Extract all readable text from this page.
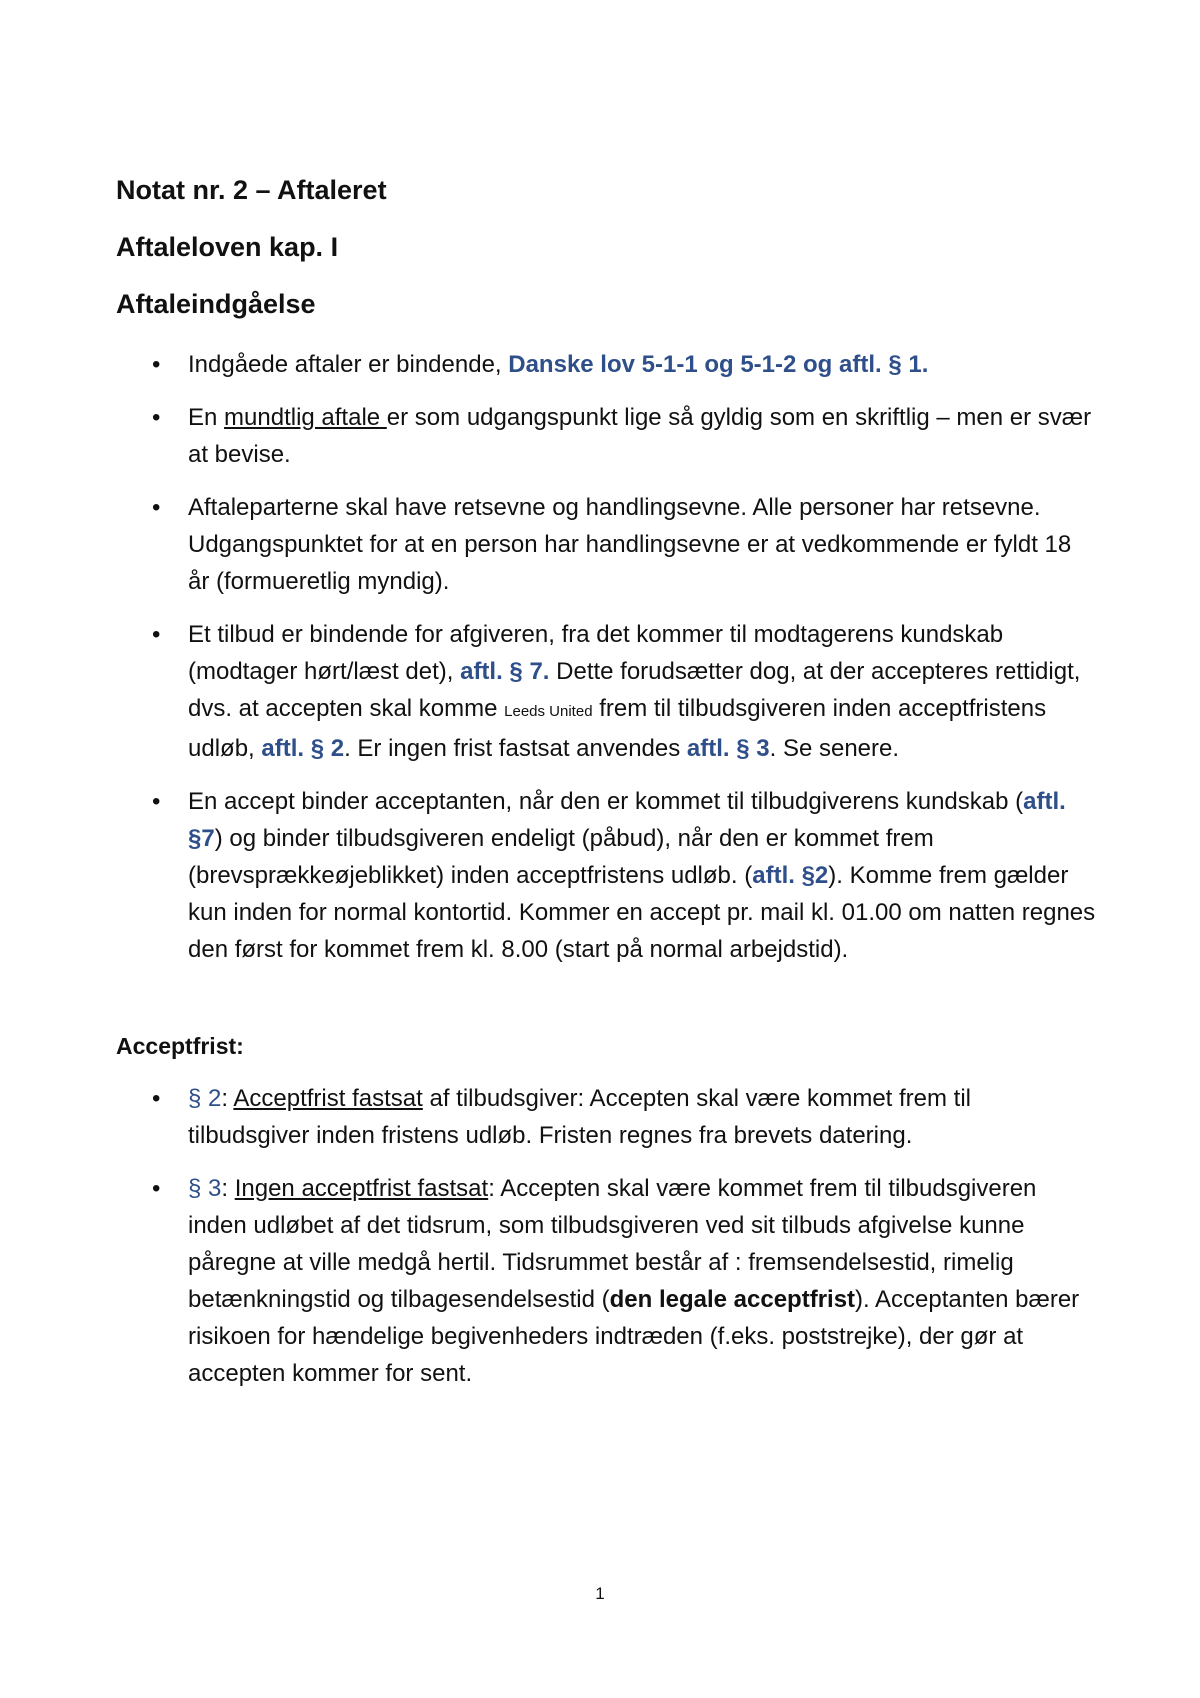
Notat nr. 2 – Aftaleret
Aftaleloven kap. I
Aftaleindgåelse
• Indgåede aftaler er bindende, Danske lov 5-1-1 og 5-1-2 og aftl. § 1.
• En mundtlig aftale er som udgangspunkt lige så gyldig som en skriftlig – men er svær at bevise.
• Aftaleparterne skal have retsevne og handlingsevne. Alle personer har retsevne. Udgangspunktet for at en person har handlingsevne er at vedkommende er fyldt 18 år (formueretlig myndig).
• Et tilbud er bindende for afgiveren, fra det kommer til modtagerens kundskab (modtager hørt/læst det), aftl. § 7. Dette forudsætter dog, at der accepteres rettidigt, dvs. at accepten skal komme Leeds United frem til tilbudsgiveren inden acceptfristens udløb, aftl. § 2. Er ingen frist fastsat anvendes aftl. § 3. Se senere.
• En accept binder acceptanten, når den er kommet til tilbudgiverens kundskab (aftl. §7) og binder tilbudsgiveren endeligt (påbud), når den er kommet frem (brevsprækkeøjeblikket) inden acceptfristens udløb. (aftl. §2). Komme frem gælder kun inden for normal kontortid. Kommer en accept pr. mail kl. 01.00 om natten regnes den først for kommet frem kl. 8.00 (start på normal arbejdstid).
Acceptfrist:
• § 2: Acceptfrist fastsat af tilbudsgiver: Accepten skal være kommet frem til tilbudsgiver inden fristens udløb. Fristen regnes fra brevets datering.
• § 3: Ingen acceptfrist fastsat: Accepten skal være kommet frem til tilbudsgiveren inden udløbet af det tidsrum, som tilbudsgiveren ved sit tilbuds afgivelse kunne påregne at ville medgå hertil. Tidsrummet består af : fremsendelsestid, rimelig betænkningstid og tilbagesendelsestid (den legale acceptfrist). Acceptanten bærer risikoen for hændelige begivenheders indtræden (f.eks. poststrejke), der gør at accepten kommer for sent.
1
